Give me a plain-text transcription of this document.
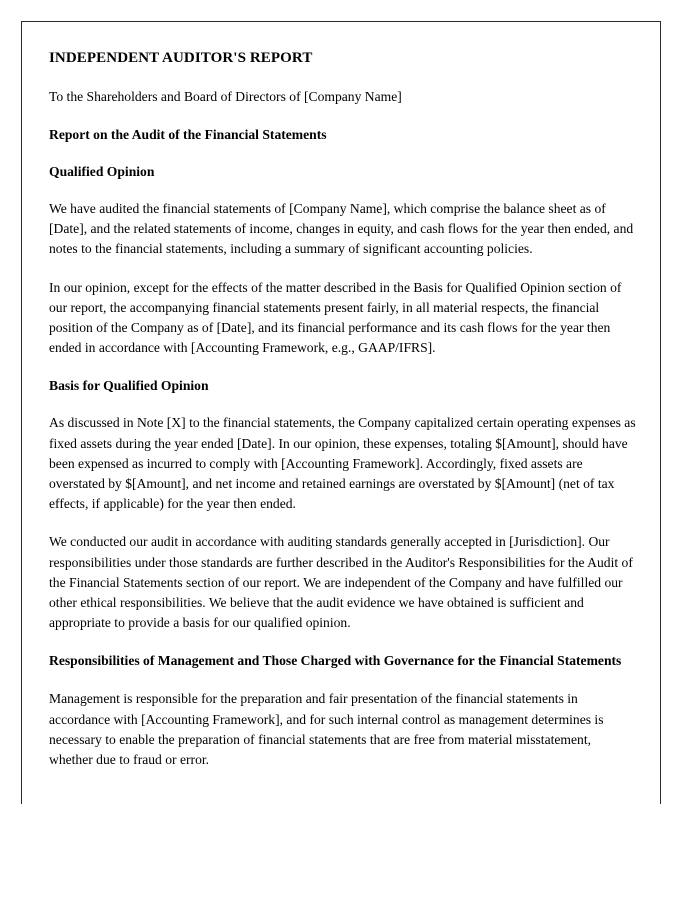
INDEPENDENT AUDITOR'S REPORT

To the Shareholders and Board of Directors of [Company Name]

Report on the Audit of the Financial Statements
Qualified Opinion

We have audited the financial statements of [Company Name], which comprise the balance sheet as of [Date], and the related statements of income, changes in equity, and cash flows for the year then ended, and notes to the financial statements, including a summary of significant accounting policies.

In our opinion, except for the effects of the matter described in the Basis for Qualified Opinion section of our report, the accompanying financial statements present fairly, in all material respects, the financial position of the Company as of [Date], and its financial performance and its cash flows for the year then ended in accordance with [Accounting Framework, e.g., GAAP/IFRS].

Basis for Qualified Opinion

As discussed in Note [X] to the financial statements, the Company capitalized certain operating expenses as fixed assets during the year ended [Date]. In our opinion, these expenses, totaling $[Amount], should have been expensed as incurred to comply with [Accounting Framework]. Accordingly, fixed assets are overstated by $[Amount], and net income and retained earnings are overstated by $[Amount] (net of tax effects, if applicable) for the year then ended.

We conducted our audit in accordance with auditing standards generally accepted in [Jurisdiction]. Our responsibilities under those standards are further described in the Auditor's Responsibilities for the Audit of the Financial Statements section of our report. We are independent of the Company and have fulfilled our other ethical responsibilities. We believe that the audit evidence we have obtained is sufficient and appropriate to provide a basis for our qualified opinion.

Responsibilities of Management and Those Charged with Governance for the Financial Statements

Management is responsible for the preparation and fair presentation of the financial statements in accordance with [Accounting Framework], and for such internal control as management determines is necessary to enable the preparation of financial statements that are free from material misstatement, whether due to fraud or error.
